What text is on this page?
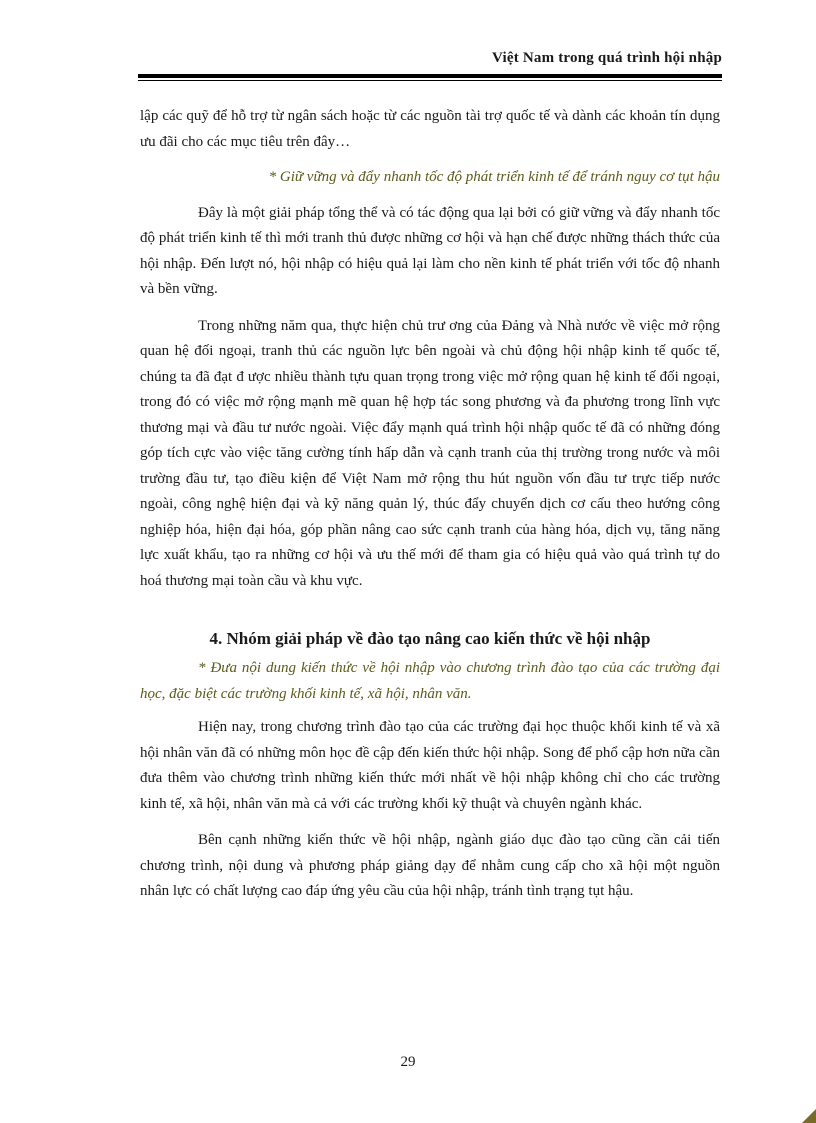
Việt Nam trong quá trình hội nhập

lập các quỹ để hỗ trợ từ ngân sách hoặc từ các nguồn tài trợ quốc tế và dành các khoản tín dụng ưu đãi cho các mục tiêu trên đây…

* Giữ vững và đẩy nhanh tốc độ phát triển kinh tế để tránh nguy cơ tụt hậu

Đây là một giải pháp tổng thể và có tác động qua lại bởi có giữ vững và đẩy nhanh tốc độ phát triển kinh tế thì mới tranh thủ được những cơ hội và hạn chế được những thách thức của hội nhập. Đến lượt nó, hội nhập có hiệu quả lại làm cho nền kinh tế phát triển với tốc độ nhanh và bền vững.

Trong những năm qua, thực hiện chủ trư ơng của Đảng và Nhà nước về việc mở rộng quan hệ đối ngoại, tranh thủ các nguồn lực bên ngoài và chủ động hội nhập kinh tế quốc tế, chúng ta đã đạt đ ược nhiều thành tựu quan trọng trong việc mở rộng quan hệ kinh tế đối ngoại, trong đó có việc mở rộng mạnh mẽ quan hệ hợp tác song phương và đa phương trong lĩnh vực thương mại và đầu tư nước ngoài. Việc đẩy mạnh quá trình hội nhập quốc tế đã có những đóng góp tích cực vào việc tăng cường tính hấp dẫn và cạnh tranh của thị trường trong nước và môi trường đầu tư, tạo điều kiện để Việt Nam mở rộng thu hút nguồn vốn đầu tư trực tiếp nước ngoài, công nghệ hiện đại và kỹ năng quản lý, thúc đẩy chuyển dịch cơ cấu theo hướng công nghiệp hóa, hiện đại hóa, góp phần nâng cao sức cạnh tranh của hàng hóa, dịch vụ, tăng năng lực xuất khẩu, tạo ra những cơ hội và ưu thế mới để tham gia có hiệu quả vào quá trình tự do hoá thương mại toàn cầu và khu vực.

4. Nhóm giải pháp về đào tạo nâng cao kiến thức về hội nhập

* Đưa nội dung kiến thức về hội nhập vào chương trình đào tạo của các trường đại học, đặc biệt các trường khối kinh tế, xã hội, nhân văn.

Hiện nay, trong chương trình đào tạo của các trường đại học thuộc khối kinh tế và xã hội nhân văn đã có những môn học đề cập đến kiến thức hội nhập. Song để phổ cập hơn nữa cần đưa thêm vào chương trình những kiến thức mới nhất về hội nhập không chỉ cho các trường kinh tế, xã hội, nhân văn mà cả với các trường khối kỹ thuật và chuyên ngành khác.

Bên cạnh những kiến thức về hội nhập, ngành giáo dục đào tạo cũng cần cải tiến chương trình, nội dung và phương pháp giảng dạy để nhằm cung cấp cho xã hội một nguồn nhân lực có chất lượng cao đáp ứng yêu cầu của hội nhập, tránh tình trạng tụt hậu.

29
